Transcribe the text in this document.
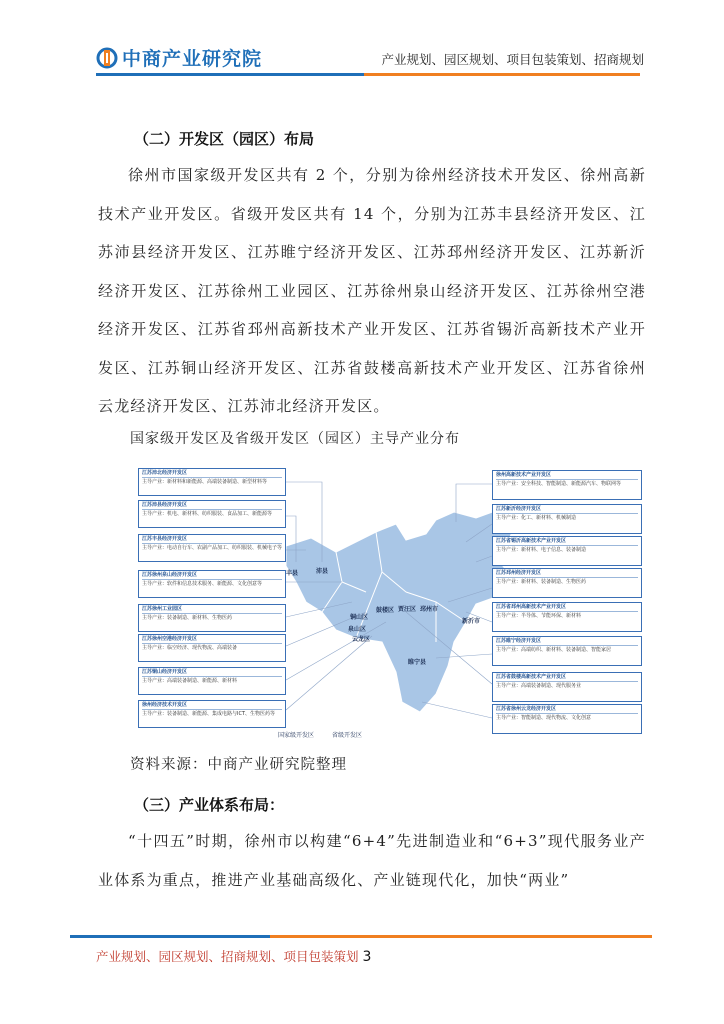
中商产业研究院	产业规划、园区规划、项目包装策划、招商规划
（二）开发区（园区）布局

徐州市国家级开发区共有 2 个，分别为徐州经济技术开发区、徐州高新技术产业开发区。省级开发区共有 14 个，分别为江苏丰县经济开发区、江苏沛县经济开发区、江苏睢宁经济开发区、江苏邳州经济开发区、江苏新沂经济开发区、江苏徐州工业园区、江苏徐州泉山经济开发区、江苏徐州空港经济开发区、江苏省邳州高新技术产业开发区、江苏省锡沂高新技术产业开发区、江苏铜山经济开发区、江苏省鼓楼高新技术产业开发区、江苏省徐州云龙经济开发区、江苏沛北经济开发区。

国家级开发区及省级开发区（园区）主导产业分布
江苏沛北经济开发区
主导产业：新材料和新能源、高端装备制造、新型材料等
江苏沛县经济开发区
主导产业：机电、新材料、纺织服装、食品加工、新能源等
江苏丰县经济开发区
主导产业：电动自行车、农副产品加工、纺织服装、机械电子等
江苏徐州泉山经济开发区
主导产业：软件和信息技术服务、新能源、文化创意等
江苏徐州工业园区
主导产业：装备制造、新材料、生物医药
江苏徐州空港经济开发区
主导产业：临空经济、现代物流、高端装备
江苏铜山经济开发区
主导产业：高端装备制造、新能源、新材料
徐州经济技术开发区
主导产业：装备制造、新能源、集成电路与ICT、生物医药等
徐州高新技术产业开发区
主导产业：安全科技、智能制造、新能源汽车、物联网等
江苏新沂经济开发区
主导产业：化工、新材料、机械制造
江苏省锡沂高新技术产业开发区
主导产业：新材料、电子信息、装备制造
江苏邳州经济开发区
主导产业：新材料、装备制造、生物医药
江苏省邳州高新技术产业开发区
主导产业：半导体、节能环保、新材料
江苏睢宁经济开发区
主导产业：高端纺织、新材料、装备制造、智能家居
江苏省鼓楼高新技术产业开发区
主导产业：高端装备制造、现代服务业
江苏省徐州云龙经济开发区
主导产业：智能制造、现代物流、文化创意
丰县	沛县
铜山区
泉山区
云龙区
鼓楼区 贾汪区 邳州市
新沂市
睢宁县
国家级开发区	省级开发区
资料来源：中商产业研究院整理
（三）产业体系布局：

“十四五”时期，徐州市以构建“6+4”先进制造业和“6+3”现代服务业产业体系为重点，推进产业基础高级化、产业链现代化，加快“两业”

产业规划、园区规划、招商规划、项目包装策划 3
